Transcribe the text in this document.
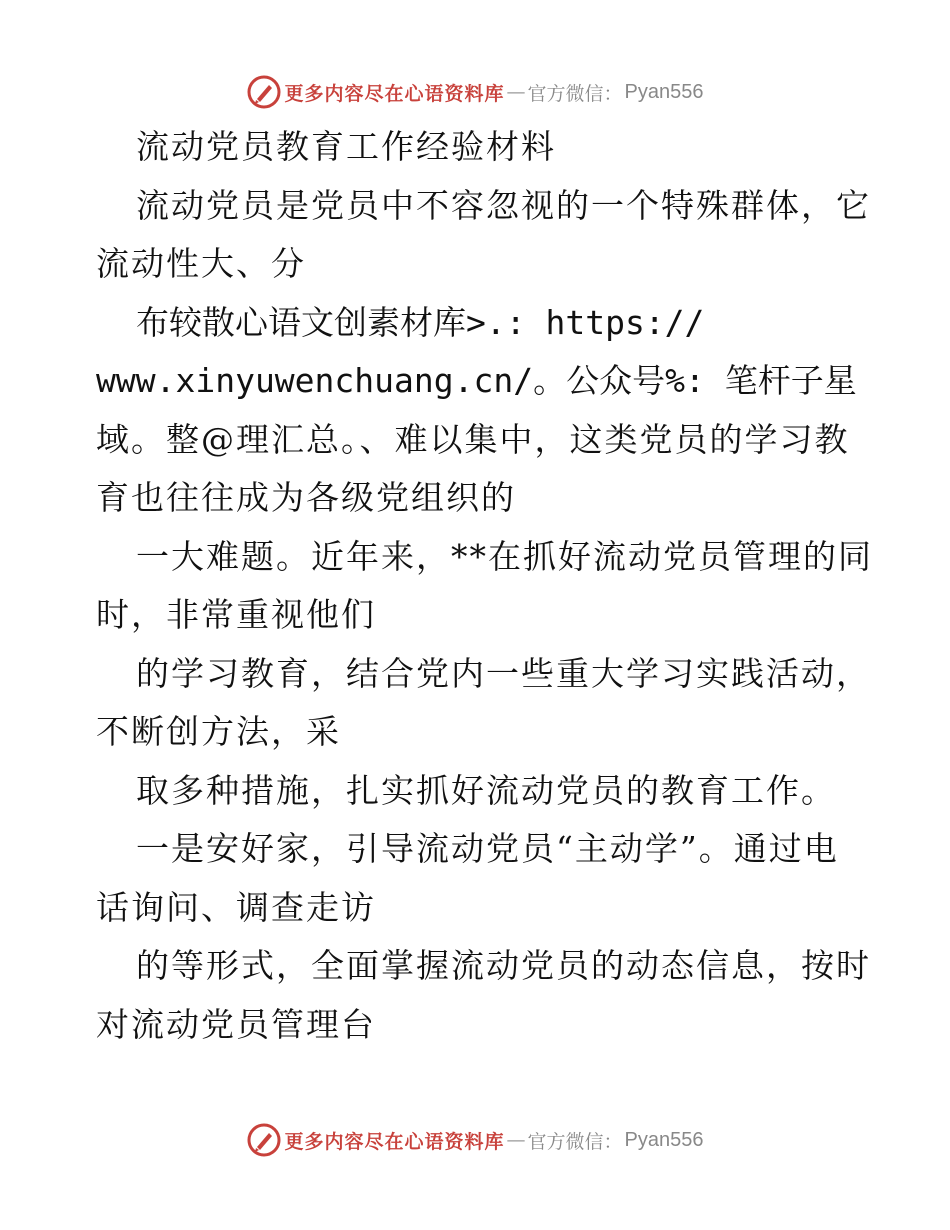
更多内容尽在心语资料库 — 官方微信： Pyan556
流动党员教育工作经验材料
流动党员是党员中不容忽视的一个特殊群体，它
流动性大、分
布较散心语文创素材库>.: https://
www.xinyuwenchuang.cn/。公众号%: 笔杆子星
域。整@理汇总。、难以集中，这类党员的学习教
育也往往成为各级党组织的
一大难题。近年来，**在抓好流动党员管理的同
时，非常重视他们
的学习教育，结合党内一些重大学习实践活动，
不断创方法，采
取多种措施，扎实抓好流动党员的教育工作。
一是安好家，引导流动党员“主动学”。通过电
话询问、调查走访
的等形式，全面掌握流动党员的动态信息，按时
对流动党员管理台
更多内容尽在心语资料库 — 官方微信： Pyan556
